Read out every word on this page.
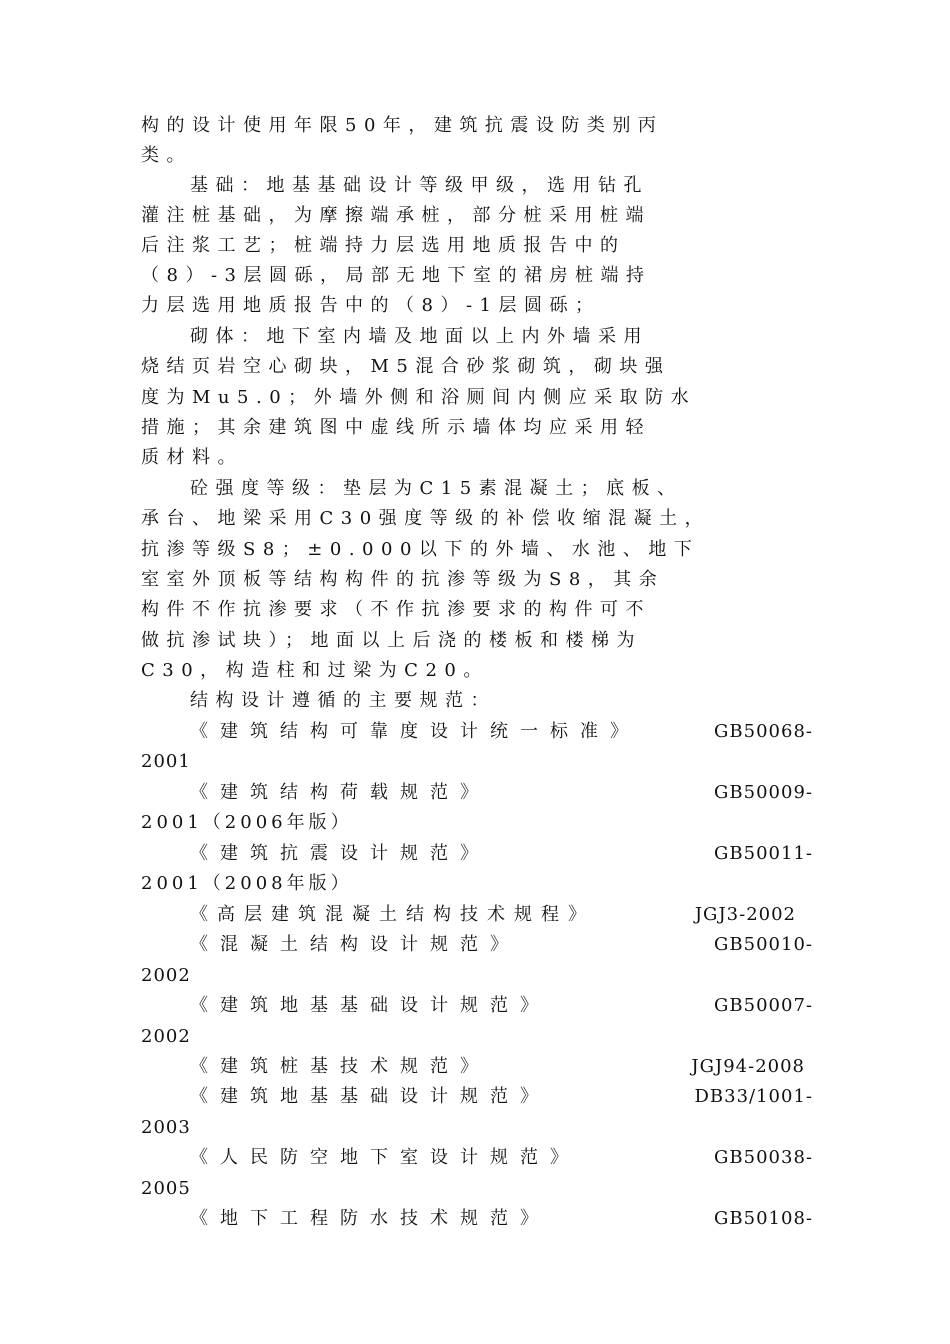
构的设计使用年限50年，建筑抗震设防类别丙
类。
基础：地基基础设计等级甲级，选用钻孔
灌注桩基础，为摩擦端承桩，部分桩采用桩端
后注浆工艺；桩端持力层选用地质报告中的
（8）-3层圆砾，局部无地下室的裙房桩端持
力层选用地质报告中的（8）-1层圆砾；
砌体：地下室内墙及地面以上内外墙采用
烧结页岩空心砌块，M5混合砂浆砌筑，砌块强
度为Mu5.0；外墙外侧和浴厕间内侧应采取防水
措施；其余建筑图中虚线所示墙体均应采用轻
质材料。
砼强度等级：垫层为C15素混凝土；底板、
承台、地梁采用C30强度等级的补偿收缩混凝土，
抗渗等级S8；±0.000以下的外墙、水池、地下
室室外顶板等结构构件的抗渗等级为S8，其余
构件不作抗渗要求（不作抗渗要求的构件可不
做抗渗试块）；地面以上后浇的楼板和楼梯为
C30，构造柱和过梁为C20。
结构设计遵循的主要规范：
《建筑结构可靠度设计统一标准》	GB50068-
2001
《建筑结构荷载规范》	GB50009-
2001（2006年版）
《建筑抗震设计规范》	GB50011-
2001（2008年版）
《高层建筑混凝土结构技术规程》	JGJ3-2002
《混凝土结构设计规范》	GB50010-
2002
《建筑地基基础设计规范》	GB50007-
2002
《建筑桩基技术规范》	JGJ94-2008
《建筑地基基础设计规范》	DB33/1001-
2003
《人民防空地下室设计规范》	GB50038-
2005
《地下工程防水技术规范》	GB50108-
